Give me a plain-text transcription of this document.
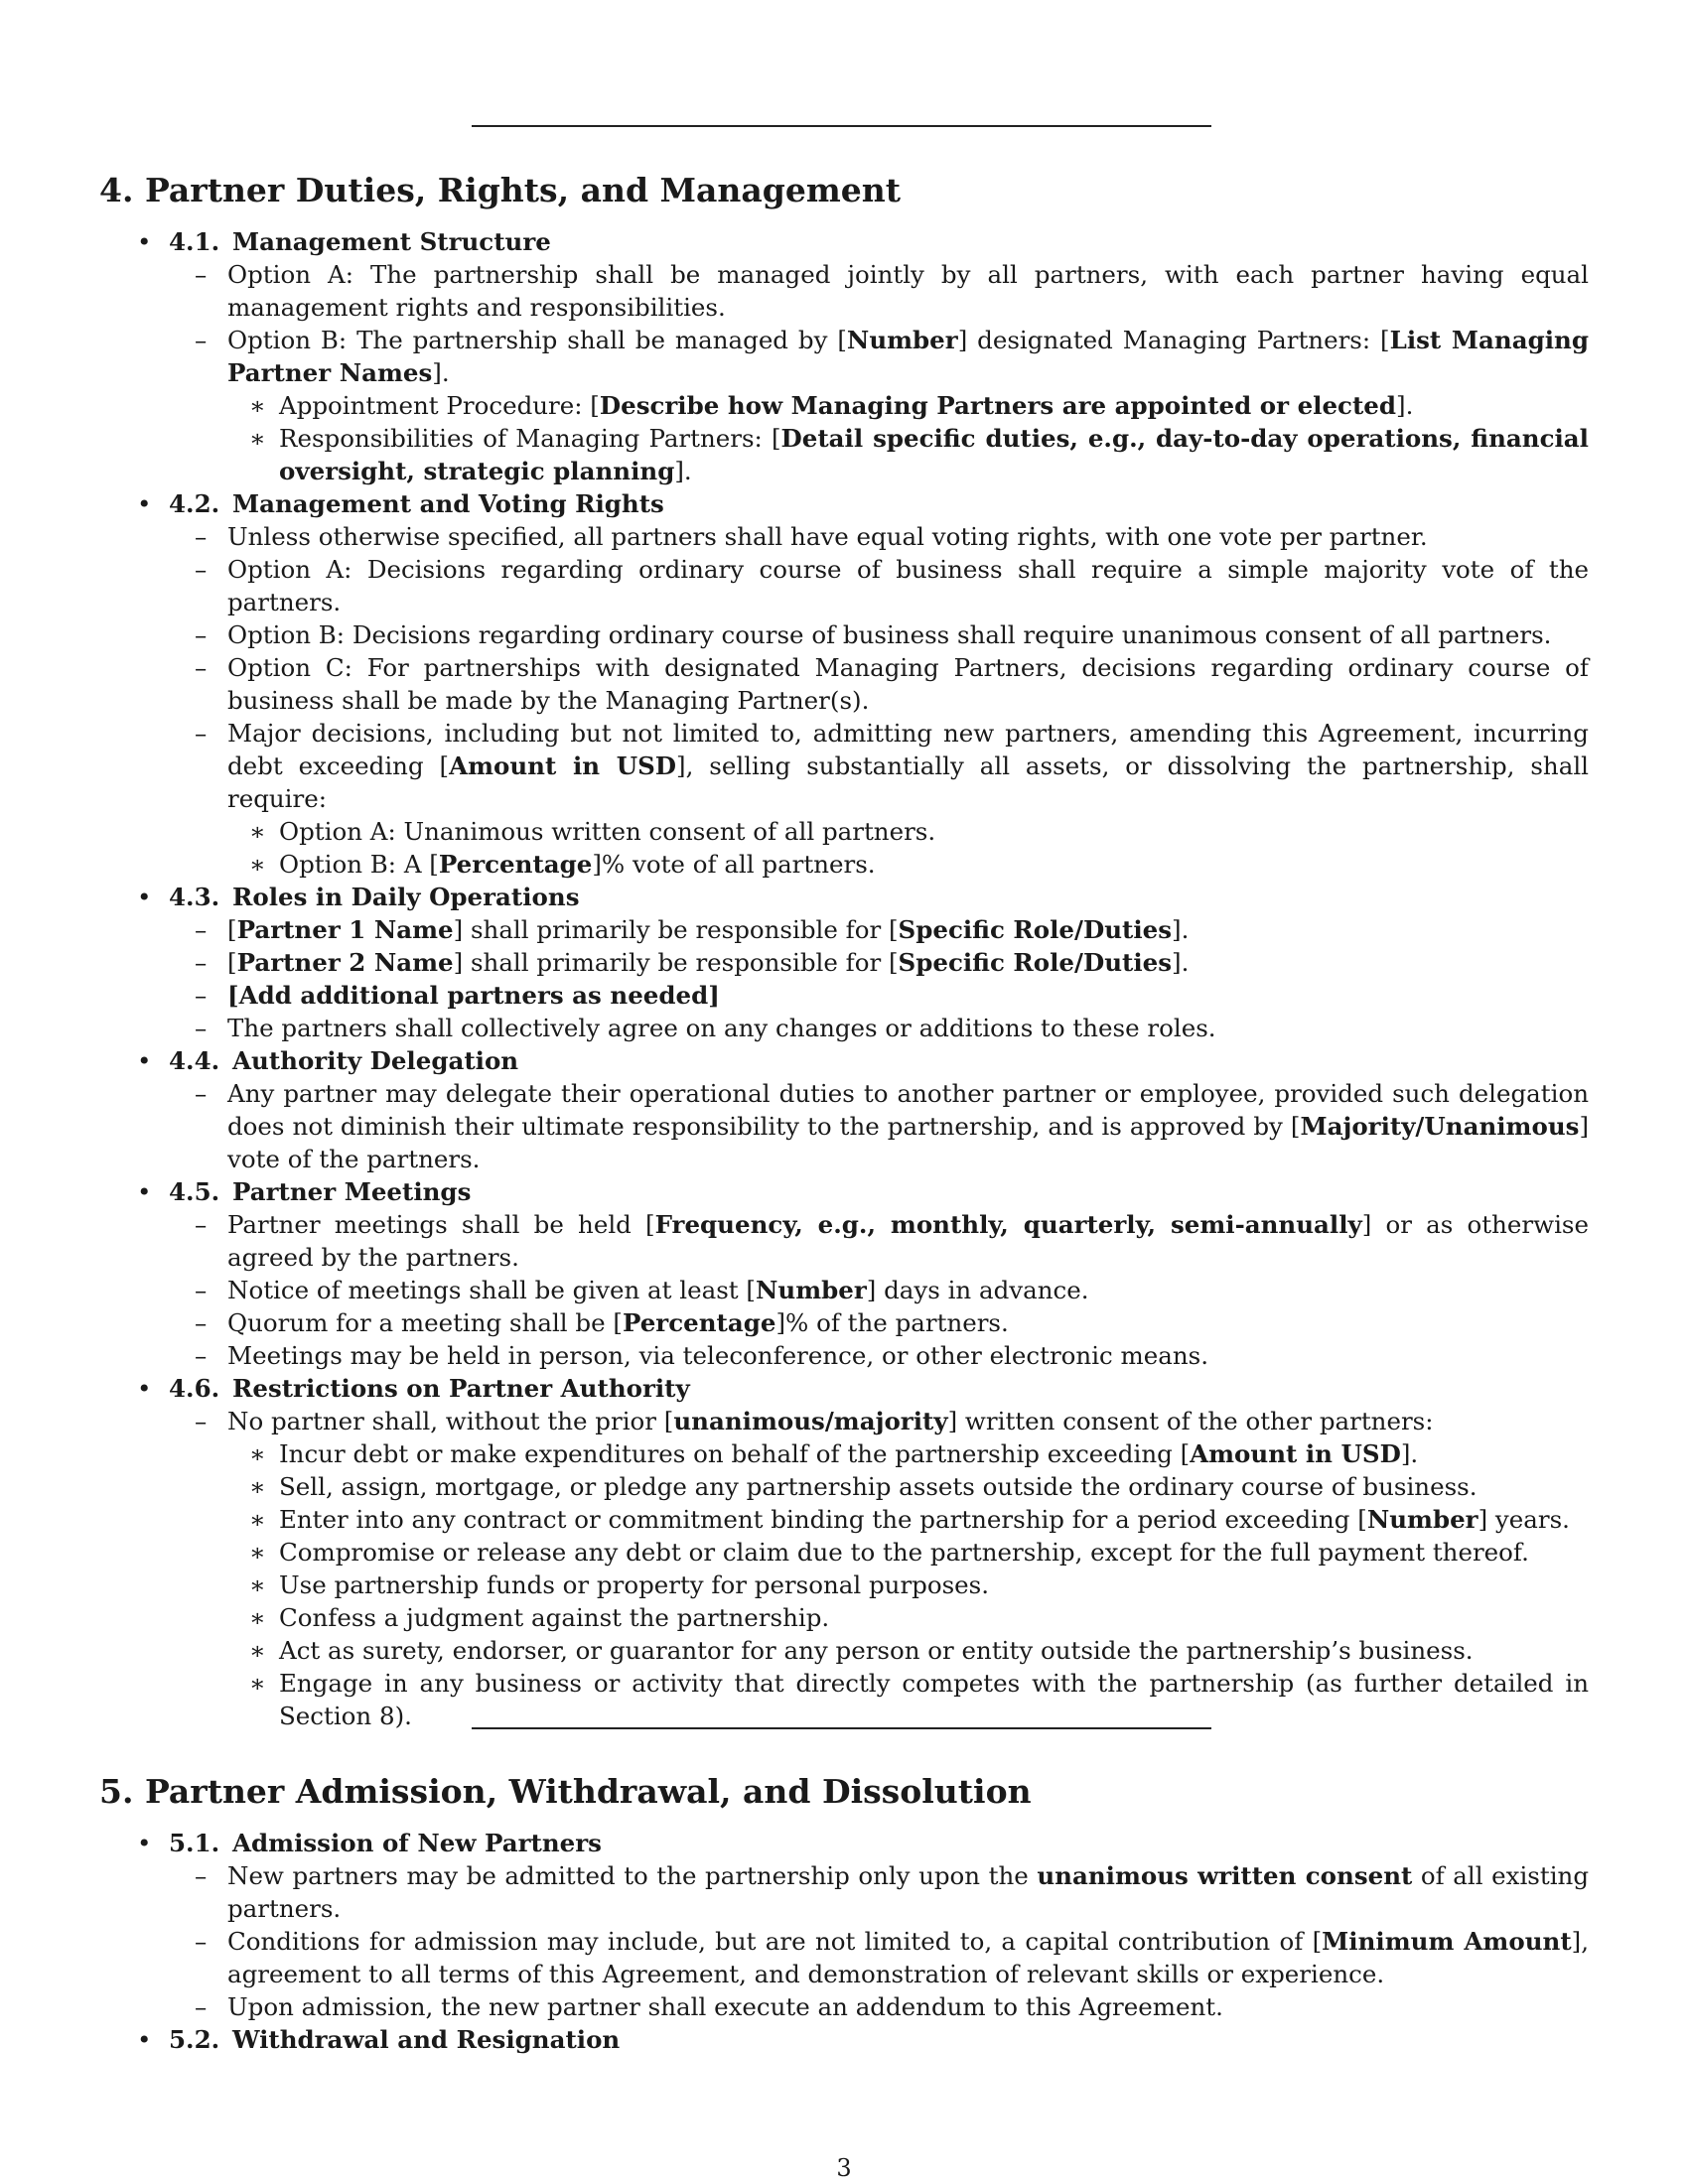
4. Partner Duties, Rights, and Management
• 4.1. Management Structure
– Option A: The partnership shall be managed jointly by all partners, with each partner having equal management rights and responsibilities.
– Option B: The partnership shall be managed by [Number] designated Managing Partners: [List Managing Partner Names].
∗ Appointment Procedure: [Describe how Managing Partners are appointed or elected].
∗ Responsibilities of Managing Partners: [Detail specific duties, e.g., day-to-day operations, financial oversight, strategic planning].
• 4.2. Management and Voting Rights
– Unless otherwise specified, all partners shall have equal voting rights, with one vote per partner.
– Option A: Decisions regarding ordinary course of business shall require a simple majority vote of the partners.
– Option B: Decisions regarding ordinary course of business shall require unanimous consent of all partners.
– Option C: For partnerships with designated Managing Partners, decisions regarding ordinary course of business shall be made by the Managing Partner(s).
– Major decisions, including but not limited to, admitting new partners, amending this Agreement, incurring debt exceeding [Amount in USD], selling substantially all assets, or dissolving the partnership, shall require:
∗ Option A: Unanimous written consent of all partners.
∗ Option B: A [Percentage]% vote of all partners.
• 4.3. Roles in Daily Operations
– [Partner 1 Name] shall primarily be responsible for [Specific Role/Duties].
– [Partner 2 Name] shall primarily be responsible for [Specific Role/Duties].
– [Add additional partners as needed]
– The partners shall collectively agree on any changes or additions to these roles.
• 4.4. Authority Delegation
– Any partner may delegate their operational duties to another partner or employee, provided such delegation does not diminish their ultimate responsibility to the partnership, and is approved by [Majority/Unanimous] vote of the partners.
• 4.5. Partner Meetings
– Partner meetings shall be held [Frequency, e.g., monthly, quarterly, semi-annually] or as otherwise agreed by the partners.
– Notice of meetings shall be given at least [Number] days in advance.
– Quorum for a meeting shall be [Percentage]% of the partners.
– Meetings may be held in person, via teleconference, or other electronic means.
• 4.6. Restrictions on Partner Authority
– No partner shall, without the prior [unanimous/majority] written consent of the other partners:
∗ Incur debt or make expenditures on behalf of the partnership exceeding [Amount in USD].
∗ Sell, assign, mortgage, or pledge any partnership assets outside the ordinary course of business.
∗ Enter into any contract or commitment binding the partnership for a period exceeding [Number] years.
∗ Compromise or release any debt or claim due to the partnership, except for the full payment thereof.
∗ Use partnership funds or property for personal purposes.
∗ Confess a judgment against the partnership.
∗ Act as surety, endorser, or guarantor for any person or entity outside the partnership’s business.
∗ Engage in any business or activity that directly competes with the partnership (as further detailed in Section 8).
5. Partner Admission, Withdrawal, and Dissolution
• 5.1. Admission of New Partners
– New partners may be admitted to the partnership only upon the unanimous written consent of all existing partners.
– Conditions for admission may include, but are not limited to, a capital contribution of [Minimum Amount], agreement to all terms of this Agreement, and demonstration of relevant skills or experience.
– Upon admission, the new partner shall execute an addendum to this Agreement.
• 5.2. Withdrawal and Resignation
3
